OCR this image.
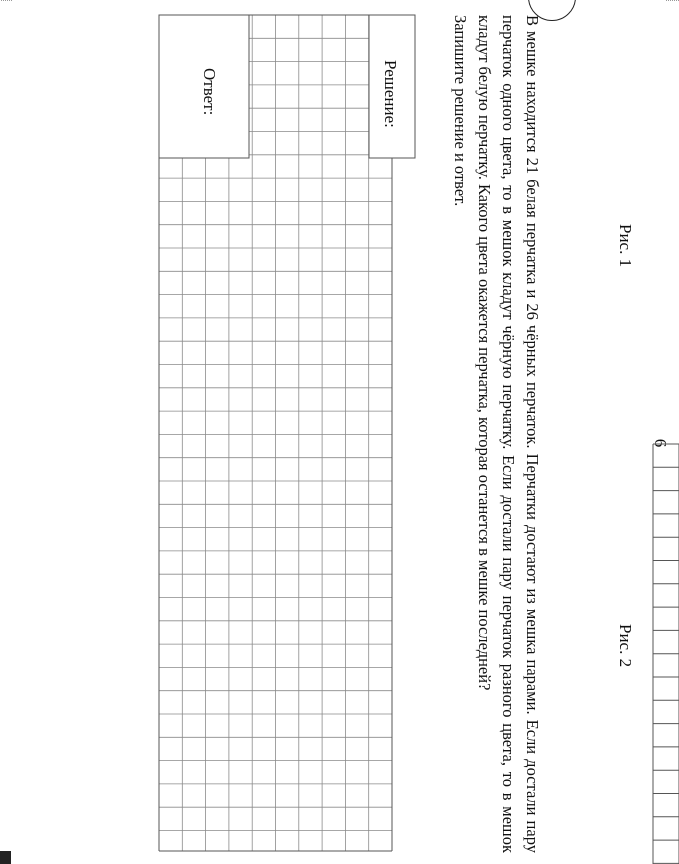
6
Рис. 1
Рис. 2
В мешке находится 21 белая перчатка и 26 чёрных перчаток. Перчатки достают из мешка парами. Если достали пару перчаток одного цвета, то в мешок кладут чёрную перчатку. Если достали пару перчаток разного цвета, то в мешок кладут белую перчатку. Какого цвета окажется перчатка, которая останется в мешке последней?
Запишите решение и ответ.
Решение:
Ответ:
